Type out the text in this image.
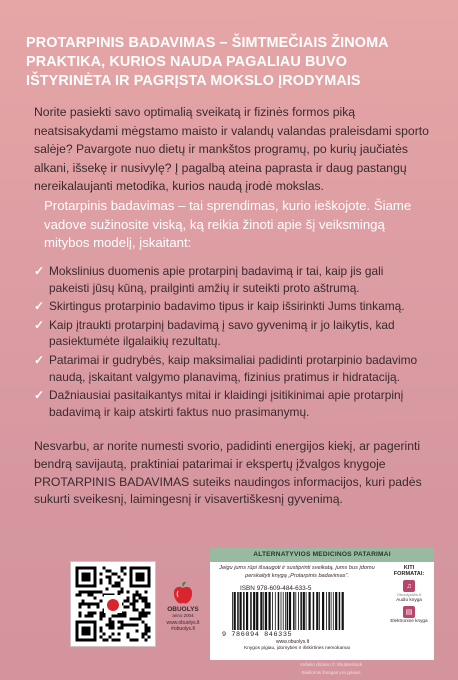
PROTARPINIS BADAVIMAS – ŠIMTMEČIAIS ŽINOMA PRAKTIKA, KURIOS NAUDA PAGALIAU BUVO IŠTYRINĖTA IR PAGRĮSTA MOKSLO ĮRODYMAIS

Norite pasiekti savo optimalią sveikatą ir fizinės formos piką neatsisakydami mėgstamo maisto ir valandų valandas praleisdami sporto salėje? Pavargote nuo dietų ir mankštos programų, po kurių jaučiatės alkani, išsekę ir nusivylę? Į pagalbą ateina paprasta ir daug pastangų nereikalaujanti metodika, kurios naudą įrodė mokslas.

Protarpinis badavimas – tai sprendimas, kurio ieškojote. Šiame vadove sužinosite viską, ką reikia žinoti apie šį veiksmingą mitybos modelį, įskaitant:

✓ Mokslinius duomenis apie protarpinį badavimą ir tai, kaip jis gali pakeisti jūsų kūną, prailginti amžių ir suteikti proto aštrumą.
✓ Skirtingus protarpinio badavimo tipus ir kaip išsirinkti Jums tinkamą.
✓ Kaip įtraukti protarpinį badavimą į savo gyvenimą ir jo laikytis, kad pasiektumėte ilgalaikių rezultatų.
✓ Patarimai ir gudrybės, kaip maksimaliai padidinti protarpinio badavimo naudą, įskaitant valgymo planavimą, fizinius pratimus ir hidrataciją.
✓ Dažniausiai pasitaikantys mitai ir klaidingi įsitikinimai apie protarpinį badavimą ir kaip atskirti faktus nuo prasimanymų.

Nesvarbu, ar norite numesti svorio, padidinti energijos kiekį, ar pagerinti bendrą savijautą, praktiniai patarimai ir ekspertų įžvalgos knygoje PROTARPINIS BADAVIMAS suteiks naudingos informacijos, kuri padės sukurti sveikesnį, laimingesnį ir visavertiškesnį gyvenimą.

OBUOLYS
anno 2004
www.obuolys.lt
#obuolys.lt
ALTERNATYVIOS MEDICINOS PATARIMAI
Jeigu jums rūpi išsaugoti ir sustiprinti sveikatą, jums bus įdomu perskaityti knygą „Protarpinis badavimas“.
ISBN 978-609-484-633-5
9 786094 846335
www.obuolys.lt
Knygos pigiau, įdomybės ir išskirtinės nemokamai
KITI FORMATAI:
♫
ObuolysAlis.lt
Audio knyga
▤
Elektroninė knyga
Viršelio dizaino © Shutterstock
Siaišomis žinogas yra griaius
